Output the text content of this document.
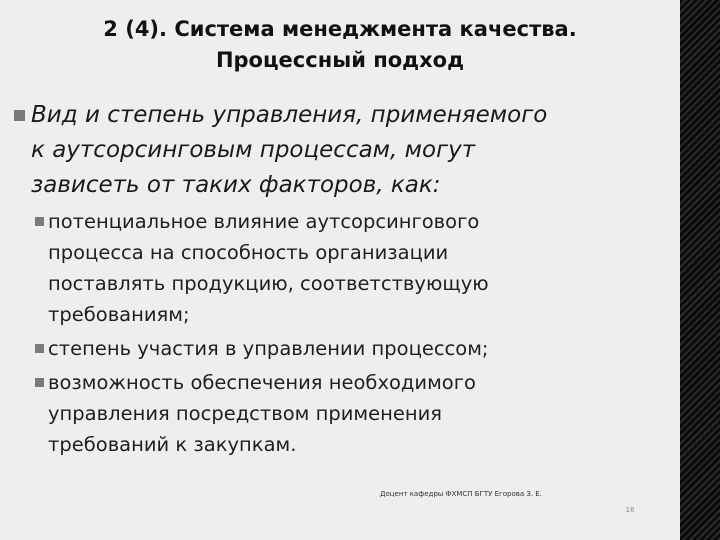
2 (4). Система менеджмента качества.
Процессный подход
Вид и степень управления, применяемого
к аутсорсинговым процессам, могут
зависеть от таких факторов, как:
потенциальное влияние аутсорсингового
процесса на способность организации
поставлять продукцию, соответствующую
требованиям;
степень участия в управлении процессом;
возможность обеспечения необходимого
управления посредством применения
требований к закупкам.
Доцент кафедры ФХМСП БГТУ Егорова З. Е.
16
